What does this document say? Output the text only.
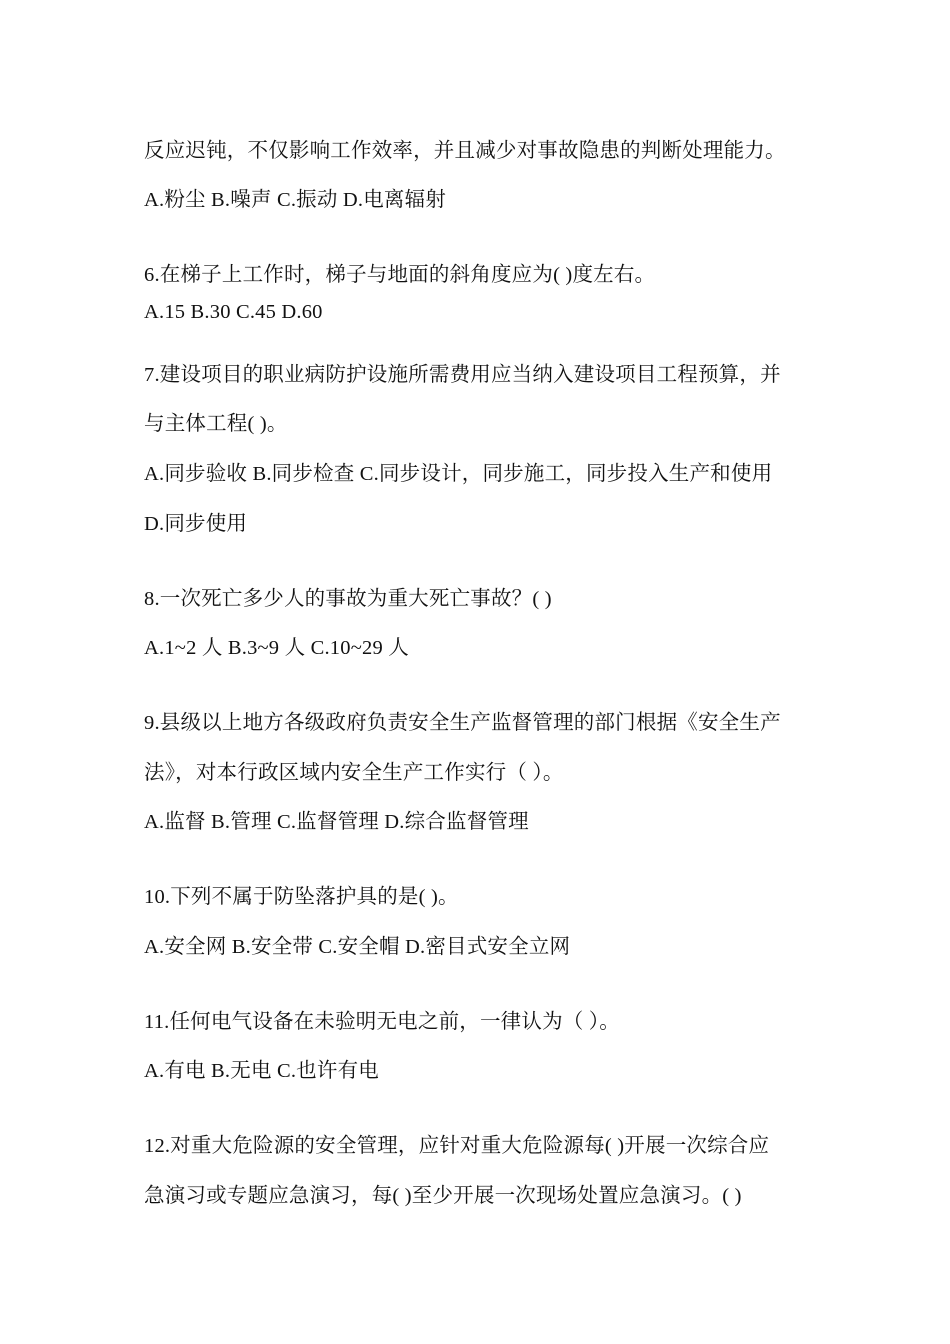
反应迟钝，不仅影响工作效率，并且减少对事故隐患的判断处理能力。
A.粉尘 B.噪声 C.振动 D.电离辐射
6.在梯子上工作时，梯子与地面的斜角度应为( )度左右。
A.15 B.30 C.45 D.60
7.建设项目的职业病防护设施所需费用应当纳入建设项目工程预算，并
与主体工程( )。
A.同步验收 B.同步检查 C.同步设计，同步施工，同步投入生产和使用
D.同步使用
8.一次死亡多少人的事故为重大死亡事故？( )
A.1~2 人 B.3~9 人 C.10~29 人
9.县级以上地方各级政府负责安全生产监督管理的部门根据《安全生产
法》，对本行政区域内安全生产工作实行（ ）。
A.监督 B.管理 C.监督管理 D.综合监督管理
10.下列不属于防坠落护具的是( )。
A.安全网 B.安全带 C.安全帽 D.密目式安全立网
11.任何电气设备在未验明无电之前，一律认为（ ）。
A.有电 B.无电 C.也许有电
12.对重大危险源的安全管理，应针对重大危险源每( )开展一次综合应
急演习或专题应急演习，每( )至少开展一次现场处置应急演习。( )
